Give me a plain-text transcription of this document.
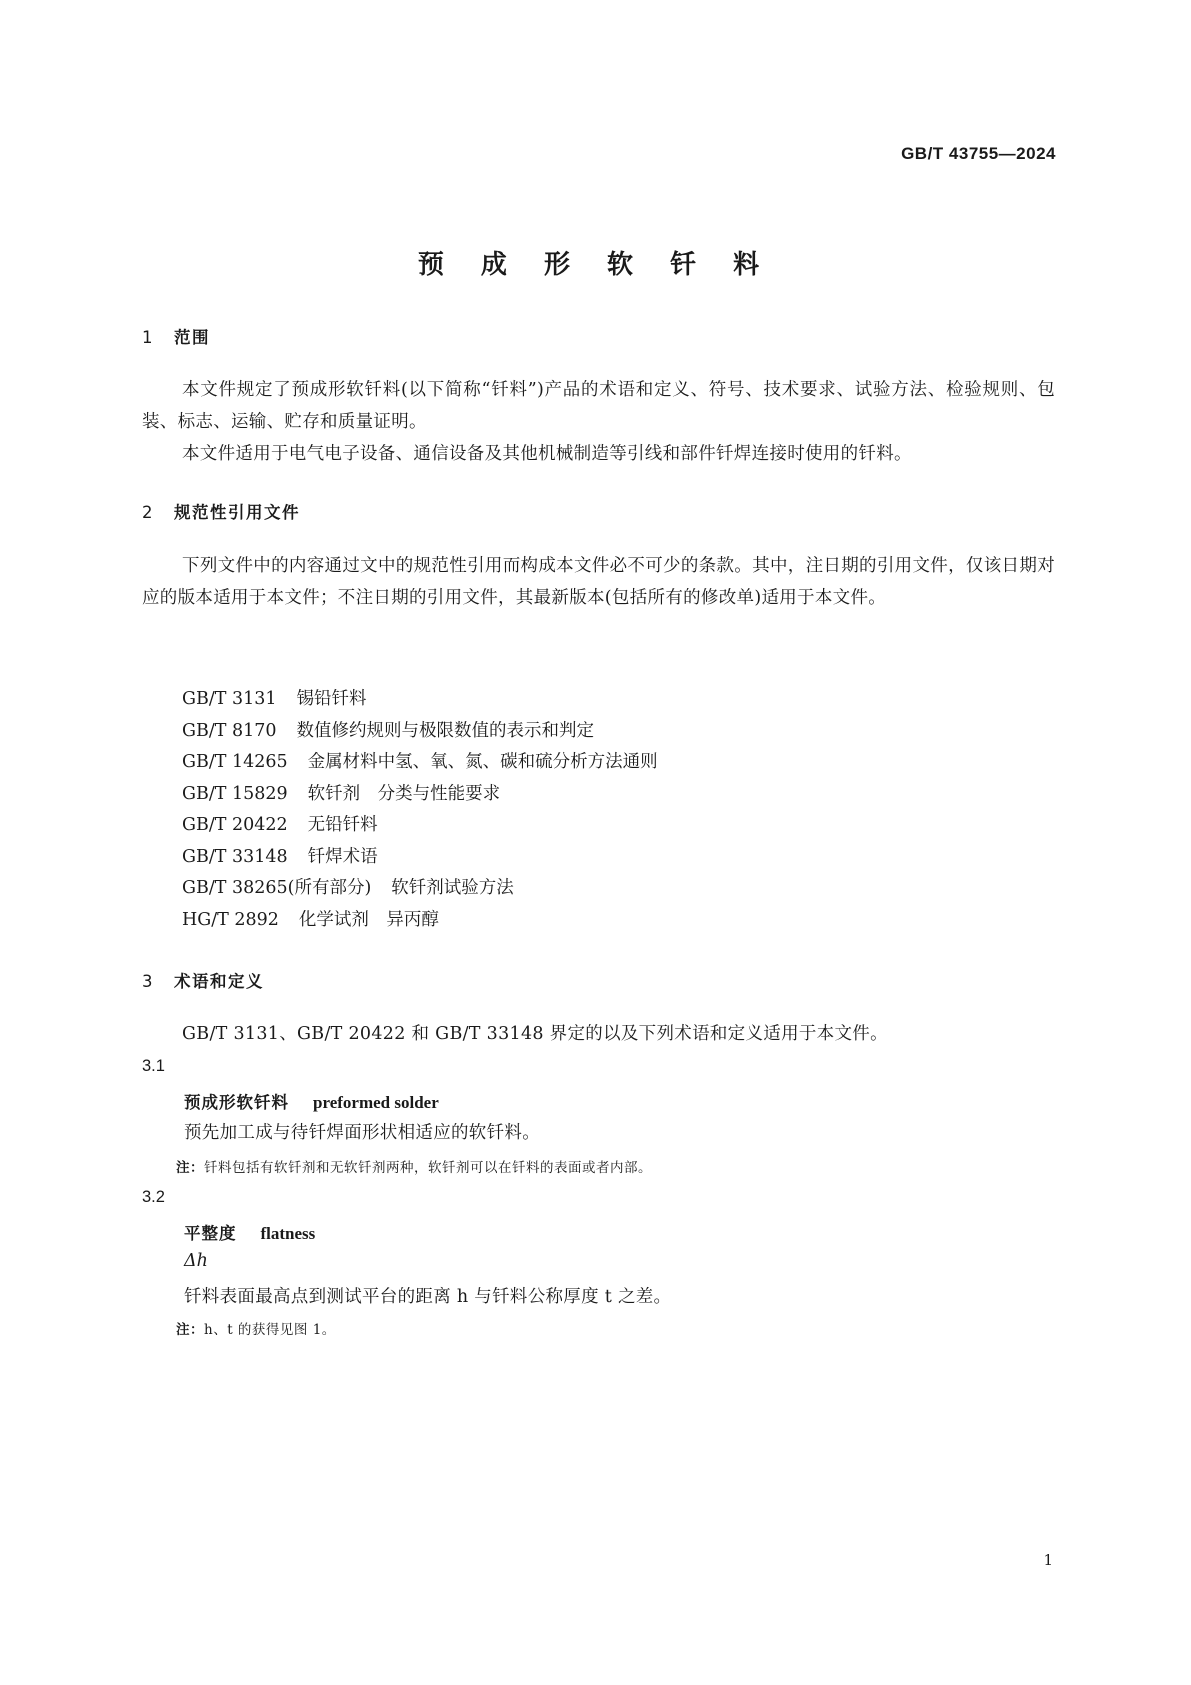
GB/T 43755—2024
预 成 形 软 钎 料
1 范围
本文件规定了预成形软钎料(以下简称“钎料”)产品的术语和定义、符号、技术要求、试验方法、检验规则、包装、标志、运输、贮存和质量证明。
本文件适用于电气电子设备、通信设备及其他机械制造等引线和部件钎焊连接时使用的钎料。
2 规范性引用文件
下列文件中的内容通过文中的规范性引用而构成本文件必不可少的条款。其中，注日期的引用文件，仅该日期对应的版本适用于本文件；不注日期的引用文件，其最新版本(包括所有的修改单)适用于本文件。
GB/T 3131 锡铅钎料
GB/T 8170 数值修约规则与极限数值的表示和判定
GB/T 14265 金属材料中氢、氧、氮、碳和硫分析方法通则
GB/T 15829 软钎剂　分类与性能要求
GB/T 20422 无铅钎料
GB/T 33148 钎焊术语
GB/T 38265(所有部分) 软钎剂试验方法
HG/T 2892 化学试剂　异丙醇
3 术语和定义
GB/T 3131、GB/T 20422 和 GB/T 33148 界定的以及下列术语和定义适用于本文件。
3.1
预成形软钎料 preformed solder
预先加工成与待钎焊面形状相适应的软钎料。
注：钎料包括有软钎剂和无软钎剂两种，软钎剂可以在钎料的表面或者内部。
3.2
平整度 flatness
Δh
钎料表面最高点到测试平台的距离 h 与钎料公称厚度 t 之差。
注：h、t 的获得见图 1。
1
